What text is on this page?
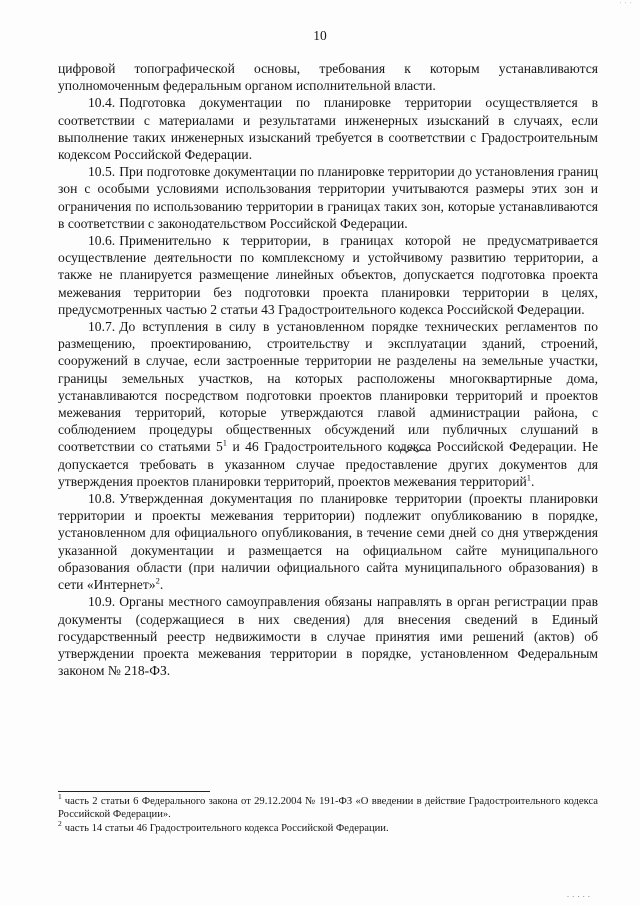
˙˙˙
10

цифровой топографической основы, требования к которым устанавливаются уполномоченным федеральным органом исполнительной власти.

10.4. Подготовка документации по планировке территории осуществляется в соответствии с материалами и результатами инженерных изысканий в случаях, если выполнение таких инженерных изысканий требуется в соответствии с Градостроительным кодексом Российской Федерации.

10.5. При подготовке документации по планировке территории до установления границ зон с особыми условиями использования территории учитываются размеры этих зон и ограничения по использованию территории в границах таких зон, которые устанавливаются в соответствии с законодательством Российской Федерации.

10.6. Применительно к территории, в границах которой не предусматривается осуществление деятельности по комплексному и устойчивому развитию территории, а также не планируется размещение линейных объектов, допускается подготовка проекта межевания территории без подготовки проекта планировки территории в целях, предусмотренных частью 2 статьи 43 Градостроительного кодекса Российской Федерации.

10.7. До вступления в силу в установленном порядке технических регламентов по размещению, проектированию, строительству и эксплуатации зданий, строений, сооружений в случае, если застроенные территории не разделены на земельные участки, границы земельных участков, на которых расположены многоквартирные дома, устанавливаются посредством подготовки проектов планировки территорий и проектов межевания территорий, которые утверждаются главой администрации района, с соблюдением процедуры общественных обсуждений или публичных слушаний в соответствии со статьями $5^1$ и 46 Градостроительного кодекса Российской Федерации. Не допускается требовать в указанном случае предоставление других документов для утверждения проектов планировки территорий, проектов межевания территорий$^1$.

10.8. Утвержденная документация по планировке территории (проекты планировки территории и проекты межевания территории) подлежит опубликованию в порядке, установленном для официального опубликования, в течение семи дней со дня утверждения указанной документации и размещается на официальном сайте муниципального образования области (при наличии официального сайта муниципального образования) в сети «Интернет»$^2$.

10.9. Органы местного самоуправления обязаны направлять в орган регистрации прав документы (содержащиеся в них сведения) для внесения сведений в Единый государственный реестр недвижимости в случае принятия ими решений (актов) об утверждении проекта межевания территории в порядке, установленном Федеральным законом № 218-ФЗ.

$^1$ часть 2 статьи 6 Федерального закона от 29.12.2004 № 191-ФЗ «О введении в действие Градостроительного кодекса Российской Федерации».
$^2$ часть 14 статьи 46 Градостроительного кодекса Российской Федерации.
.....
